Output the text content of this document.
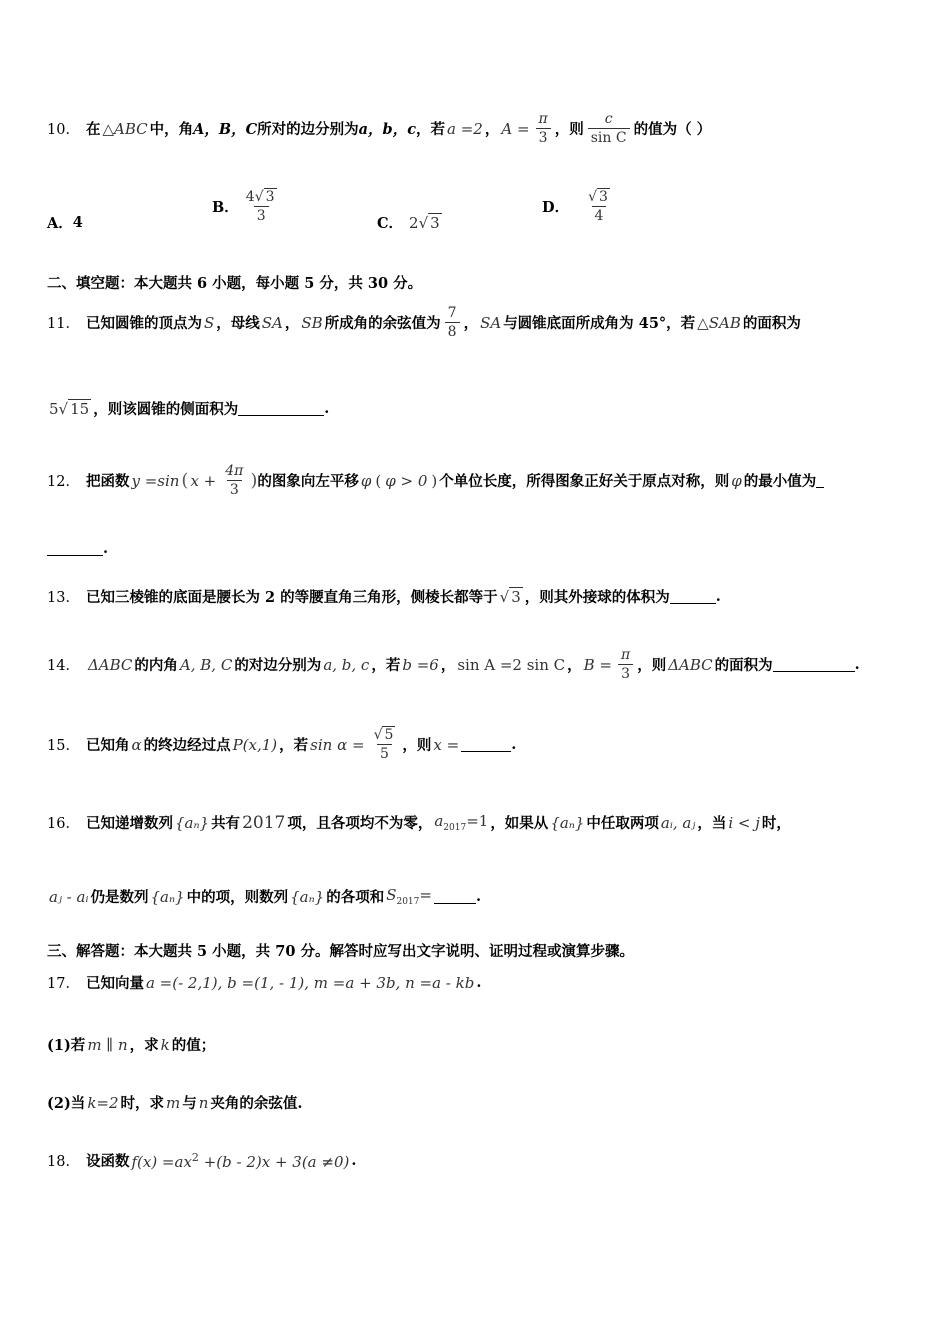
10． 在 △ABC 中，角 A，B，C 所对的边分别为 a，b，c ，若 a =2 ， $A = \frac{\pi}{3}$ ，则 $\frac{c}{\text{sin C}}$ 的值为（ ）
A． 4
B． $\frac{4√ 3}{3}$	C． 2√ 3
D． $\frac{√ 3}{4}$
二、填空题：本大题共 6 小题，每小题 5 分，共 30 分。
11． 已知圆锥的顶点为 S ，母线 SA ， SB 所成角的余弦值为 $\frac{7}{8}$ ， SA 与圆锥底面所成角为 45°，若 △SAB 的面积为
5√ 15 ，则该圆锥的侧面积为	.
12． 把函数 y =sin ( $x + \frac{4\pi}{3}$ ) 的图象向左平移 φ ( φ > 0 ) 个单位长度，所得图象正好关于原点对称，则 φ 的最小值为
.
13． 已知三棱锥的底面是腰长为 2 的等腰直角三角形，侧棱长都等于 √ 3 ，则其外接球的体积为	.
14． ΔABC 的内角 A, B, C 的对边分别为 a, b, c ，若 b =6 ， sin A =2 sin C ， $B = \frac{\pi}{3}$ ，则 ΔABC 的面积为	.
15． 已知角 α 的终边经过点 P(x,1) ，若 $\sin \alpha = \frac{√ 5}{5}$ ，则 x =	.
16． 已知递增数列 {aₙ} 共有 2017 项，且各项均不为零， $a_{2017}=1$ ，如果从 {aₙ} 中任取两项 aᵢ, aⱼ ，当 i < j 时，
aⱼ - aᵢ 仍是数列 {aₙ} 中的项，则数列 {aₙ} 的各项和 $S_{2017}=$	.
三、解答题：本大题共 5 小题，共 70 分。解答时应写出文字说明、证明过程或演算步骤。
17． 已知向量 a =(- 2,1), b =(1, - 1), m =a + 3b, n =a - kb .
(1)若 m ∥ n ，求 k 的值；
(2)当 k=2 时，求 m 与 n 夹角的余弦值.
18． 设函数 $f(x) =ax^2 +(b - 2)x + 3(a \ne 0)$ .
